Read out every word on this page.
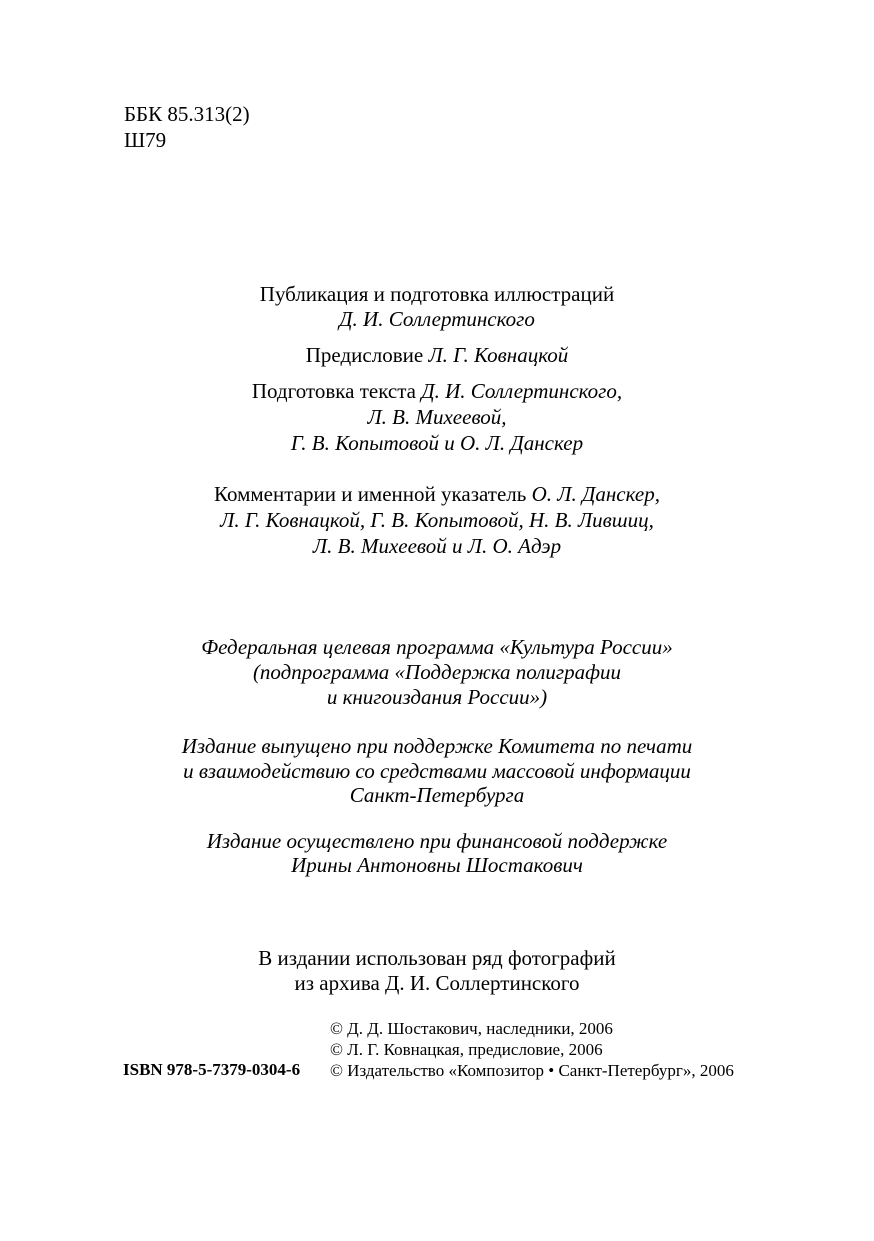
ББК 85.313(2)
Ш79
Публикация и подготовка иллюстраций
Д. И. Соллертинского
Предисловие Л. Г. Ковнацкой
Подготовка текста Д. И. Соллертинского,
Л. В. Михеевой,
Г. В. Копытовой и О. Л. Данскер
Комментарии и именной указатель О. Л. Данскер,
Л. Г. Ковнацкой, Г. В. Копытовой, Н. В. Лившиц,
Л. В. Михеевой и Л. О. Адэр
Федеральная целевая программа «Культура России»
(подпрограмма «Поддержка полиграфии
и книгоиздания России»)
Издание выпущено при поддержке Комитета по печати
и взаимодействию со средствами массовой информации
Санкт-Петербурга
Издание осуществлено при финансовой поддержке
Ирины Антоновны Шостакович
В издании использован ряд фотографий
из архива Д. И. Соллертинского
© Д. Д. Шостакович, наследники, 2006
© Л. Г. Ковнацкая, предисловие, 2006
© Издательство «Композитор • Санкт-Петербург», 2006
ISBN 978-5-7379-0304-6
